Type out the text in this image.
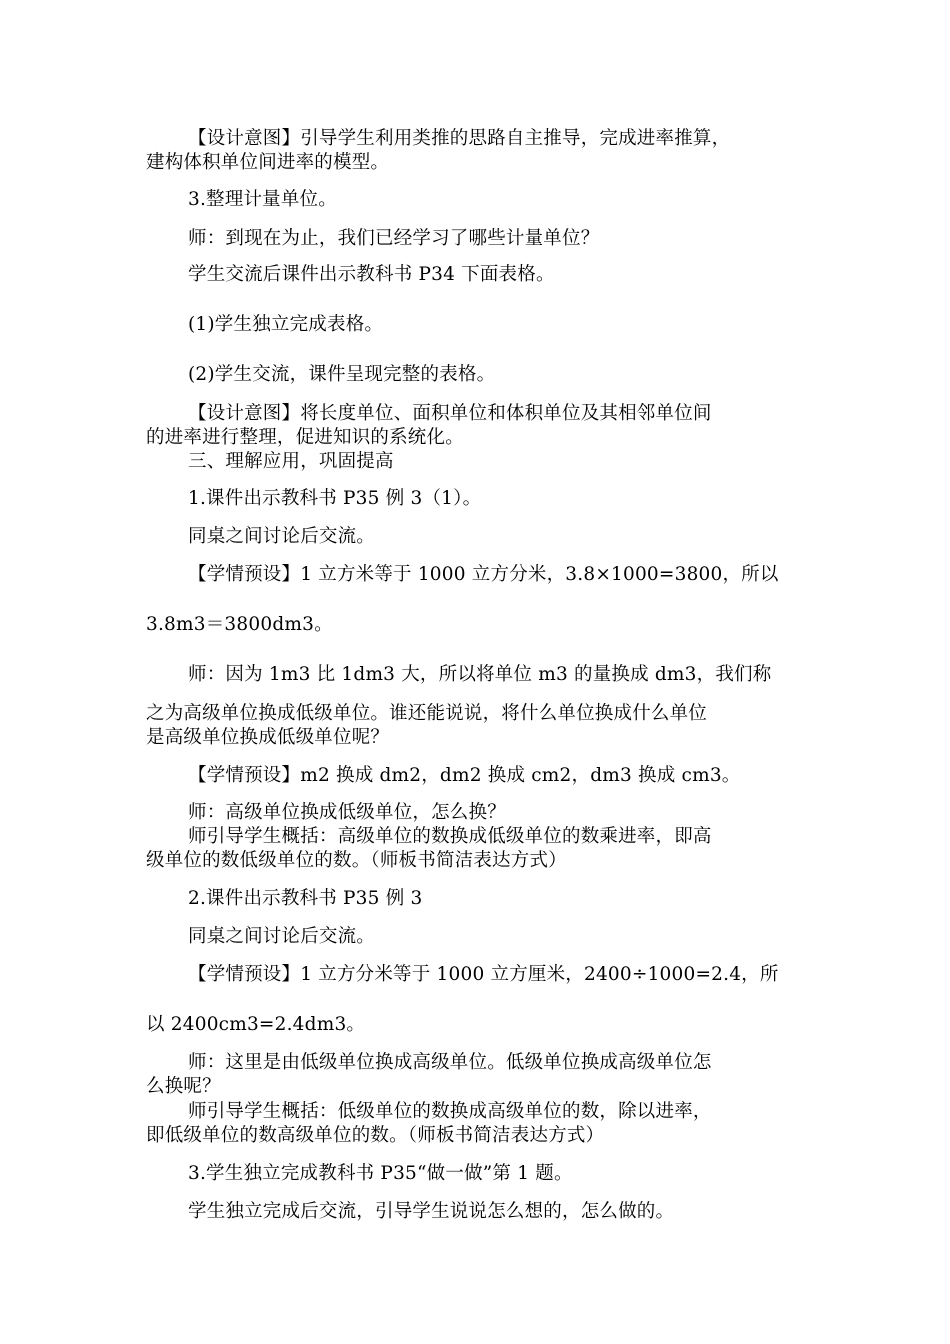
【设计意图】引导学生利用类推的思路自主推导，完成进率推算，

建构体积单位间进率的模型。

3.整理计量单位。

师：到现在为止，我们已经学习了哪些计量单位？

学生交流后课件出示教科书 P34 下面表格。

(1)学生独立完成表格。

(2)学生交流，课件呈现完整的表格。

【设计意图】将长度单位、面积单位和体积单位及其相邻单位间

的进率进行整理，促进知识的系统化。

三、理解应用，巩固提高

1.课件出示教科书 P35 例 3（1）。

同桌之间讨论后交流。

【学情预设】1 立方米等于 1000 立方分米，3.8×1000=3800，所以

3.8m3＝3800dm3。

师：因为 1m3 比 1dm3 大，所以将单位 m3 的量换成 dm3，我们称

之为高级单位换成低级单位。谁还能说说，将什么单位换成什么单位

是高级单位换成低级单位呢？

【学情预设】m2 换成 dm2，dm2 换成 cm2，dm3 换成 cm3。

师：高级单位换成低级单位，怎么换？

师引导学生概括：高级单位的数换成低级单位的数乘进率，即高

级单位的数低级单位的数。（师板书简洁表达方式）

2.课件出示教科书 P35 例 3

同桌之间讨论后交流。

【学情预设】1 立方分米等于 1000 立方厘米，2400÷1000=2.4，所

以 2400cm3=2.4dm3。

师：这里是由低级单位换成高级单位。低级单位换成高级单位怎

么换呢？

师引导学生概括：低级单位的数换成高级单位的数，除以进率，

即低级单位的数高级单位的数。（师板书简洁表达方式）

3.学生独立完成教科书 P35“做一做”第 1 题。

学生独立完成后交流，引导学生说说怎么想的，怎么做的。
